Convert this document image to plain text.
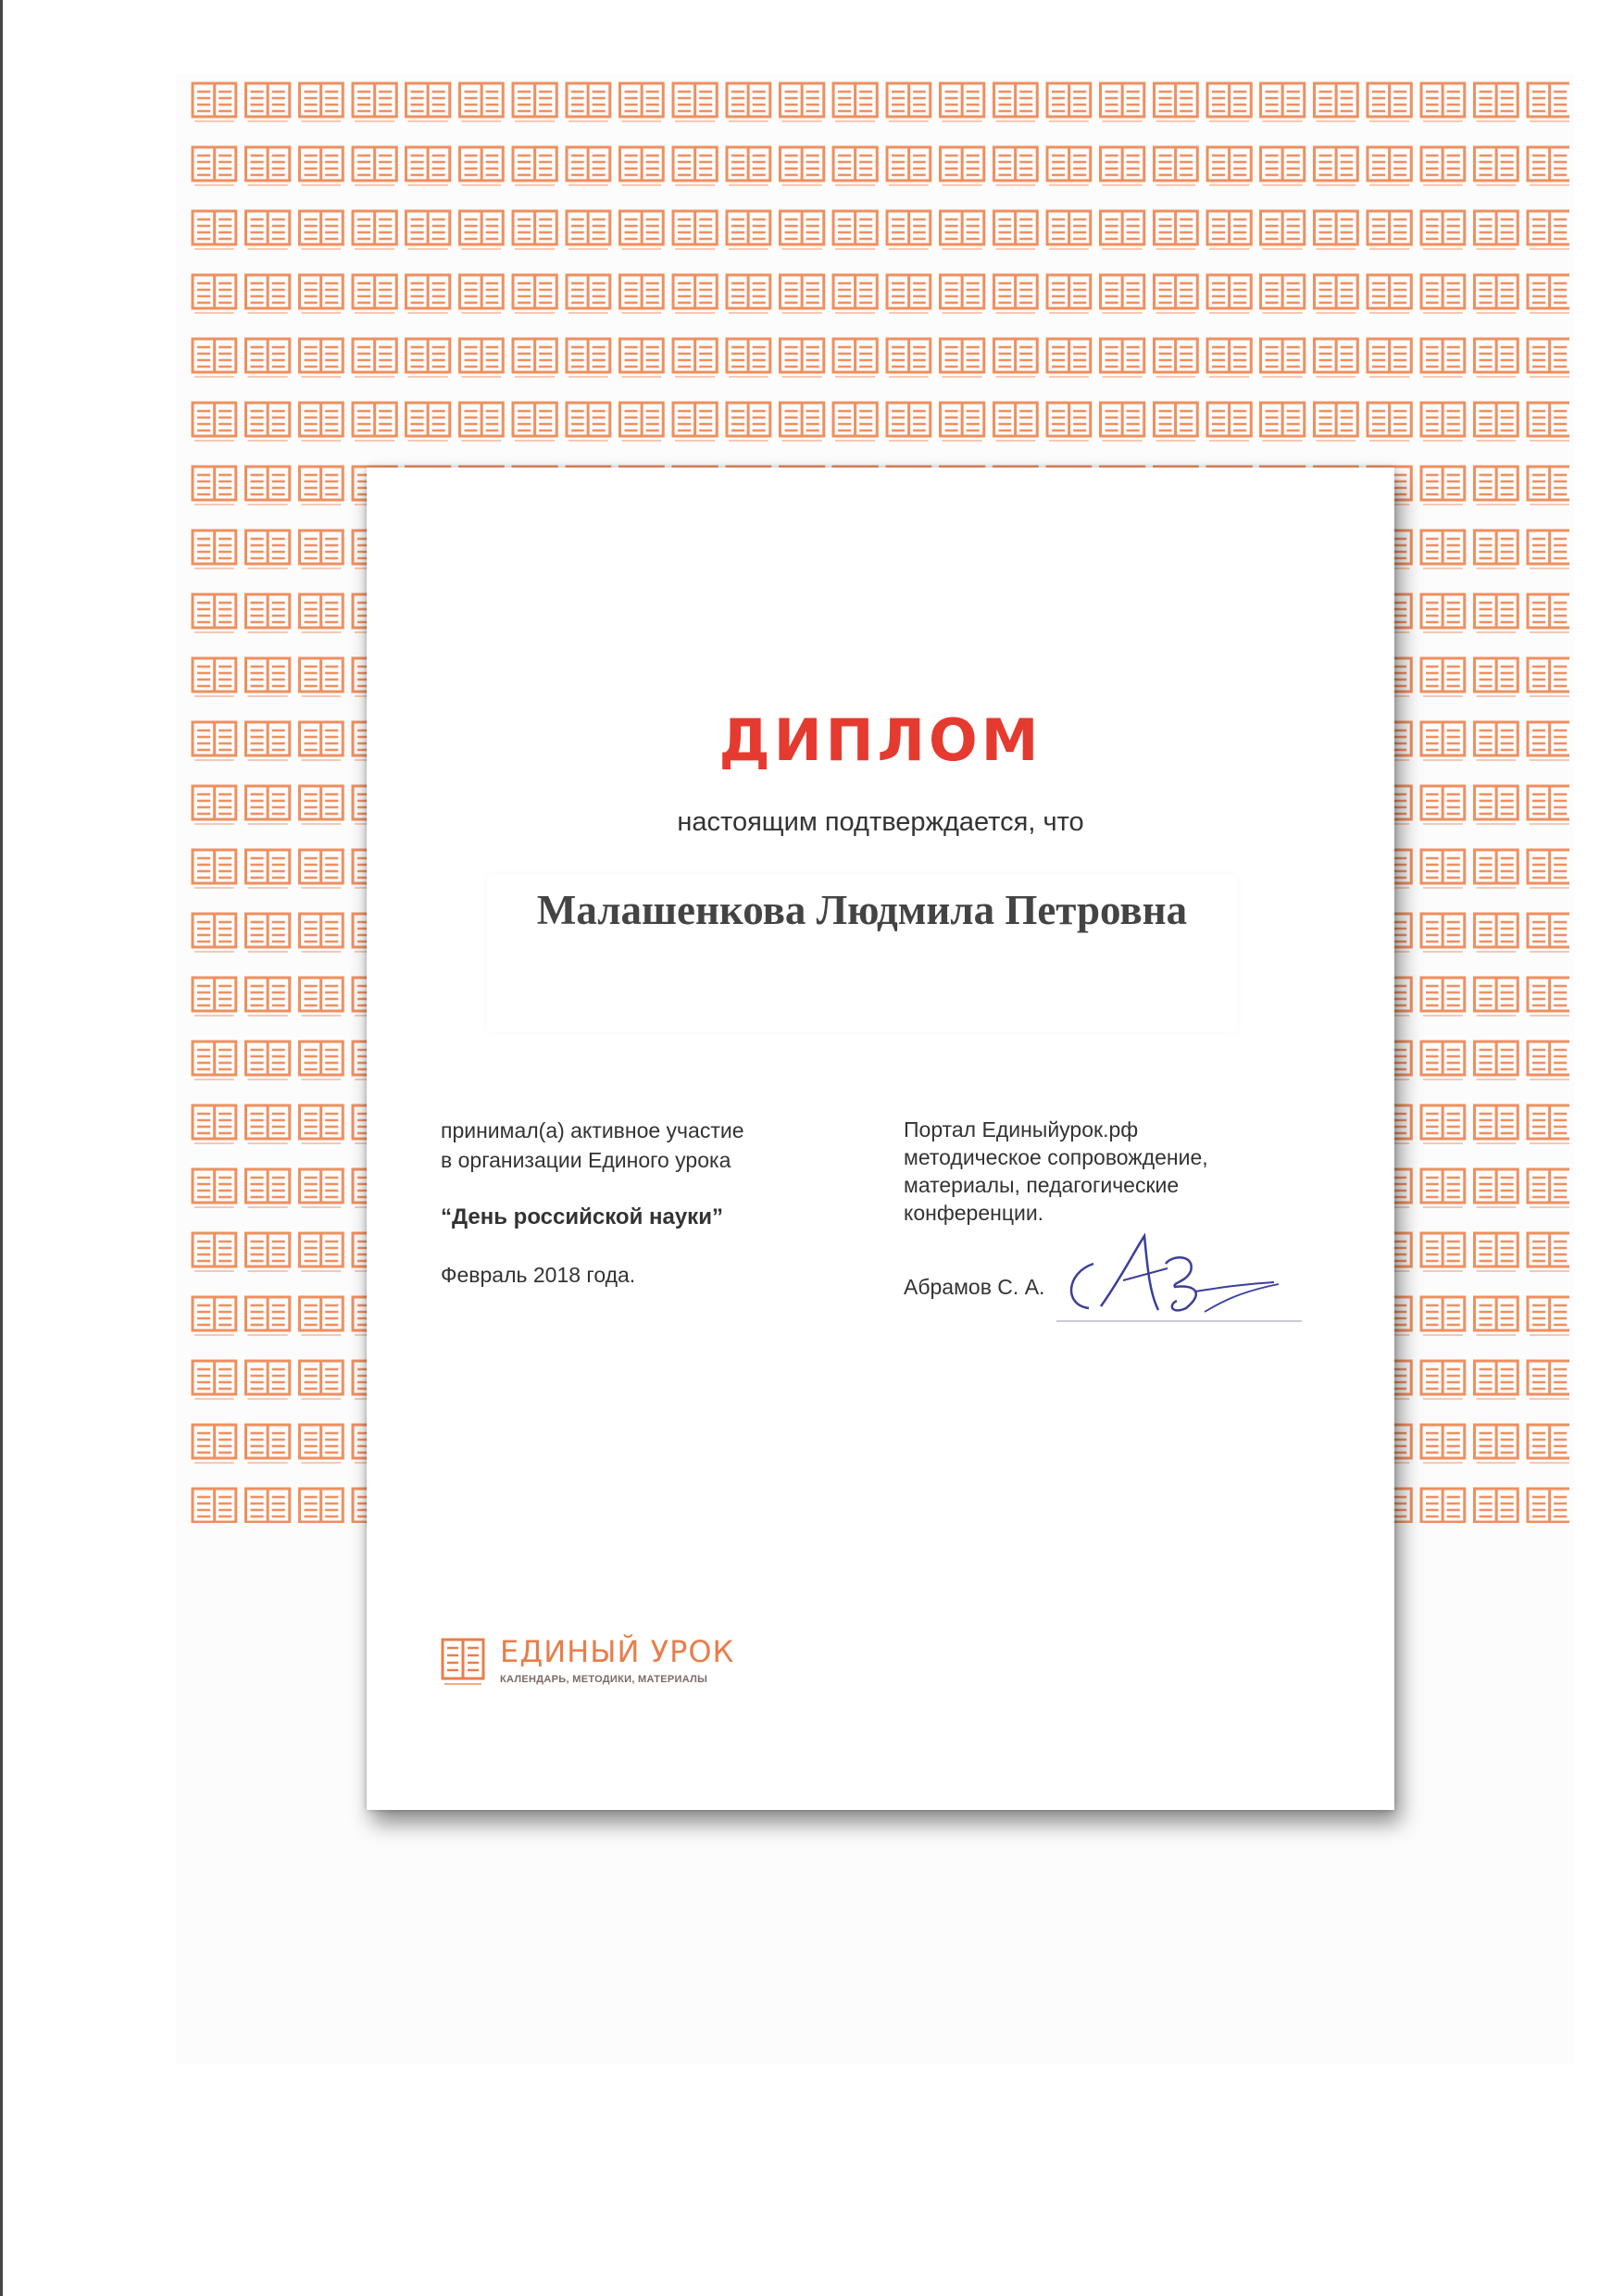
ДИПЛОМ
настоящим подтверждается, что
Малашенкова Людмила Петровна
принимал(а) активное участие
в организации Единого урока
“День российской науки”
Февраль 2018 года.
Портал Единыйурок.рф
методическое сопровождение,
материалы, педагогические
конференции.
Абрамов С. А.
ЕДИНЫЙ УРОК
КАЛЕНДАРЬ, МЕТОДИКИ, МАТЕРИАЛЫ
